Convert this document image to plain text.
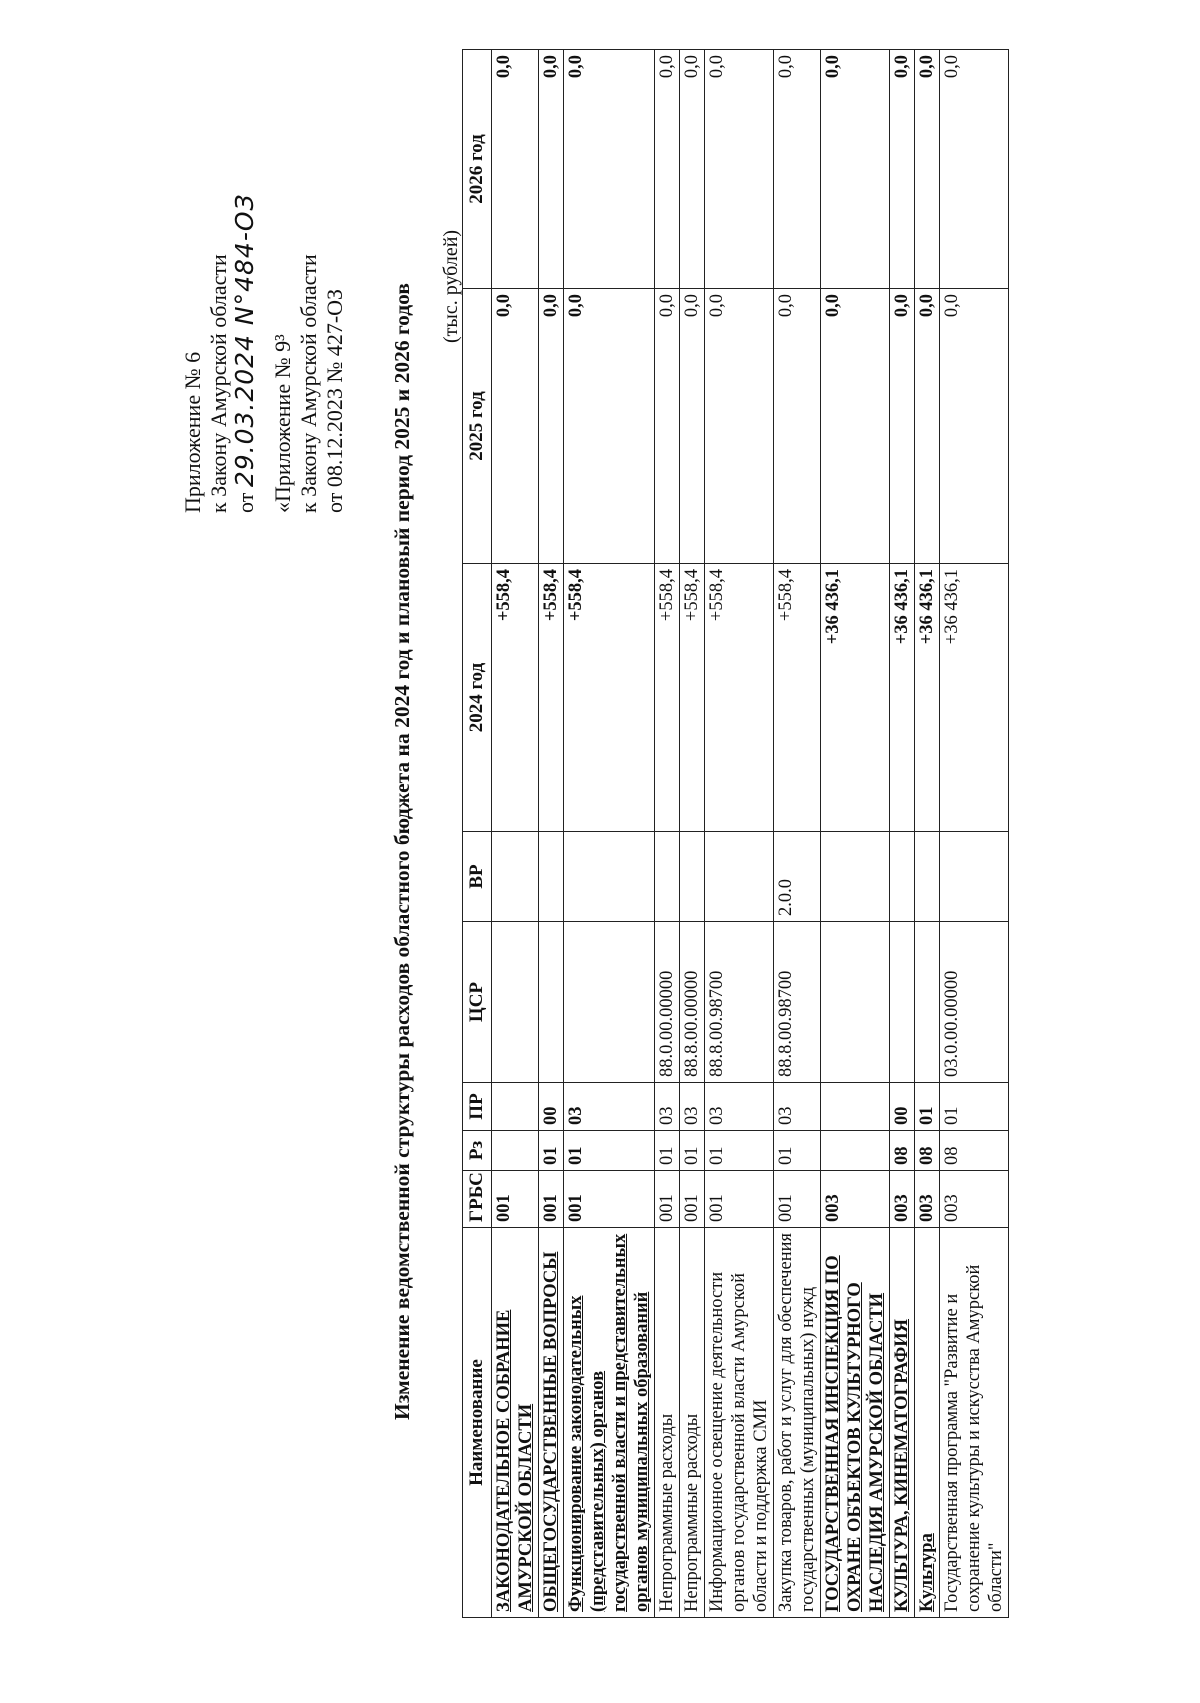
Приложение № 6 к Закону Амурской области от 29.03.2024 N°484-ОЗ «Приложение № 9³ к Закону Амурской области от 08.12.2023 № 427-ОЗ Изменение ведомственной структуры расходов областного бюджета на 2024 год и плановый период 2025 и 2026 годов (тыс. рублей)
Наименование	ГРБС	Рз	ПР	ЦСР	ВР	2024 год	2025 год	2026 год
ЗАКОНОДАТЕЛЬНОЕ СОБРАНИЕ АМУРСКОЙ ОБЛАСТИ	001					+558,4	0,0	0,0
ОБЩЕГОСУДАРСТВЕННЫЕ ВОПРОСЫ	001	01	00			+558,4	0,0	0,0
Функционирование законодательных (представительных) органов государственной власти и представительных органов муниципальных образований	001	01	03			+558,4	0,0	0,0
Непрограммные расходы	001	01	03	88.0.00.00000		+558,4	0,0	0,0
Непрограммные расходы	001	01	03	88.8.00.00000		+558,4	0,0	0,0
Информационное освещение деятельности органов государственной власти Амурской области и поддержка СМИ	001	01	03	88.8.00.98700		+558,4	0,0	0,0
Закупка товаров, работ и услуг для обеспечения государственных (муниципальных) нужд	001	01	03	88.8.00.98700	2.0.0	+558,4	0,0	0,0
ГОСУДАРСТВЕННАЯ ИНСПЕКЦИЯ ПО ОХРАНЕ ОБЪЕКТОВ КУЛЬТУРНОГО НАСЛЕДИЯ АМУРСКОЙ ОБЛАСТИ	003					+36 436,1	0,0	0,0
КУЛЬТУРА, КИНЕМАТОГРАФИЯ	003	08	00			+36 436,1	0,0	0,0
Культура	003	08	01			+36 436,1	0,0	0,0
Государственная программа "Развитие и сохранение культуры и искусства Амурской области"	003	08	01	03.0.00.00000		+36 436,1	0,0	0,0
